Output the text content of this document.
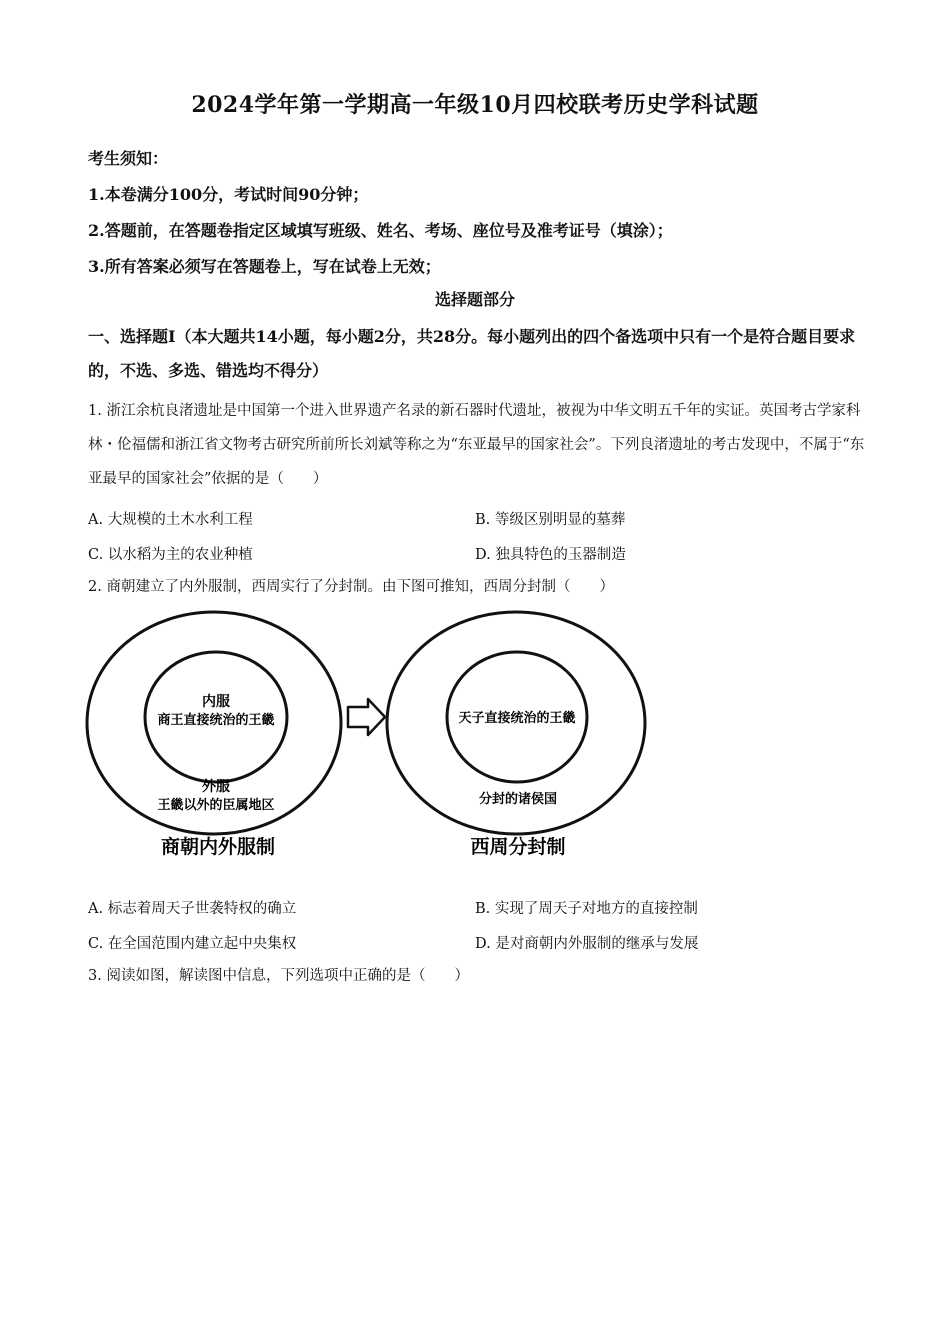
2024学年第一学期高一年级10月四校联考历史学科试题
考生须知：
1.本卷满分100分，考试时间90分钟；
2.答题前，在答题卷指定区域填写班级、姓名、考场、座位号及准考证号（填涂）；
3.所有答案必须写在答题卷上，写在试卷上无效；
选择题部分
一、选择题Ⅰ（本大题共14小题，每小题2分，共28分。每小题列出的四个备选项中只有一个是符合题目要求的，不选、多选、错选均不得分）
1. 浙江余杭良渚遗址是中国第一个进入世界遗产名录的新石器时代遗址，被视为中华文明五千年的实证。英国考古学家科林・伦福儒和浙江省文物考古研究所前所长刘斌等称之为“东亚最早的国家社会”。下列良渚遗址的考古发现中，不属于“东亚最早的国家社会”依据的是（　　）
A. 大规模的土木水利工程	B. 等级区别明显的墓葬
C. 以水稻为主的农业种植	D. 独具特色的玉器制造
2. 商朝建立了内外服制，西周实行了分封制。由下图可推知，西周分封制（　　）
内服
商王直接统治的王畿
外服
王畿以外的臣属地区
商朝内外服制
天子直接统治的王畿
分封的诸侯国
西周分封制
A. 标志着周天子世袭特权的确立	B. 实现了周天子对地方的直接控制
C. 在全国范围内建立起中央集权	D. 是对商朝内外服制的继承与发展
3. 阅读如图，解读图中信息，下列选项中正确的是（　　）
